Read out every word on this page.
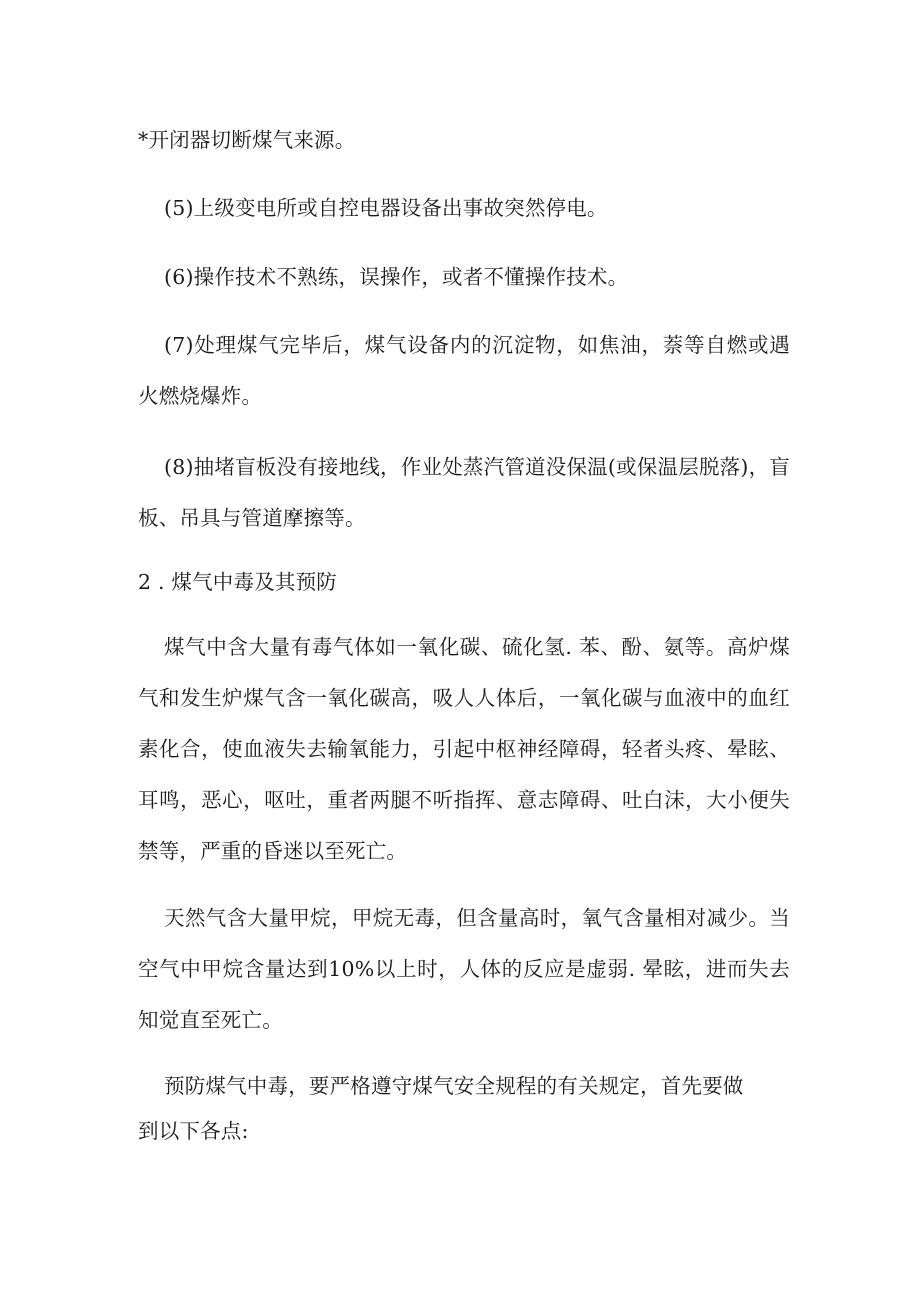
*开闭器切断煤气来源。
(5)上级变电所或自控电器设备出事故突然停电。
(6)操作技术不熟练，误操作，或者不懂操作技术。
(7)处理煤气完毕后，煤气设备内的沉淀物，如焦油，萘等自燃或遇火燃烧爆炸。
(8)抽堵盲板没有接地线，作业处蒸汽管道没保温(或保温层脱落)，盲板、吊具与管道摩擦等。
2 . 煤气中毒及其预防
煤气中含大量有毒气体如一氧化碳、硫化氢. 苯、酚、氨等。高炉煤气和发生炉煤气含一氧化碳高，吸人人体后，一氧化碳与血液中的血红素化合，使血液失去输氧能力，引起中枢神经障碍，轻者头疼、晕眩、耳鸣，恶心，呕吐，重者两腿不听指挥、意志障碍、吐白沫，大小便失禁等，严重的昏迷以至死亡。
天然气含大量甲烷，甲烷无毒，但含量高时，氧气含量相对减少。当空气中甲烷含量达到10%以上时，人体的反应是虚弱. 晕眩，进而失去知觉直至死亡。
预防煤气中毒，要严格遵守煤气安全规程的有关规定，首先要做
到以下各点:
